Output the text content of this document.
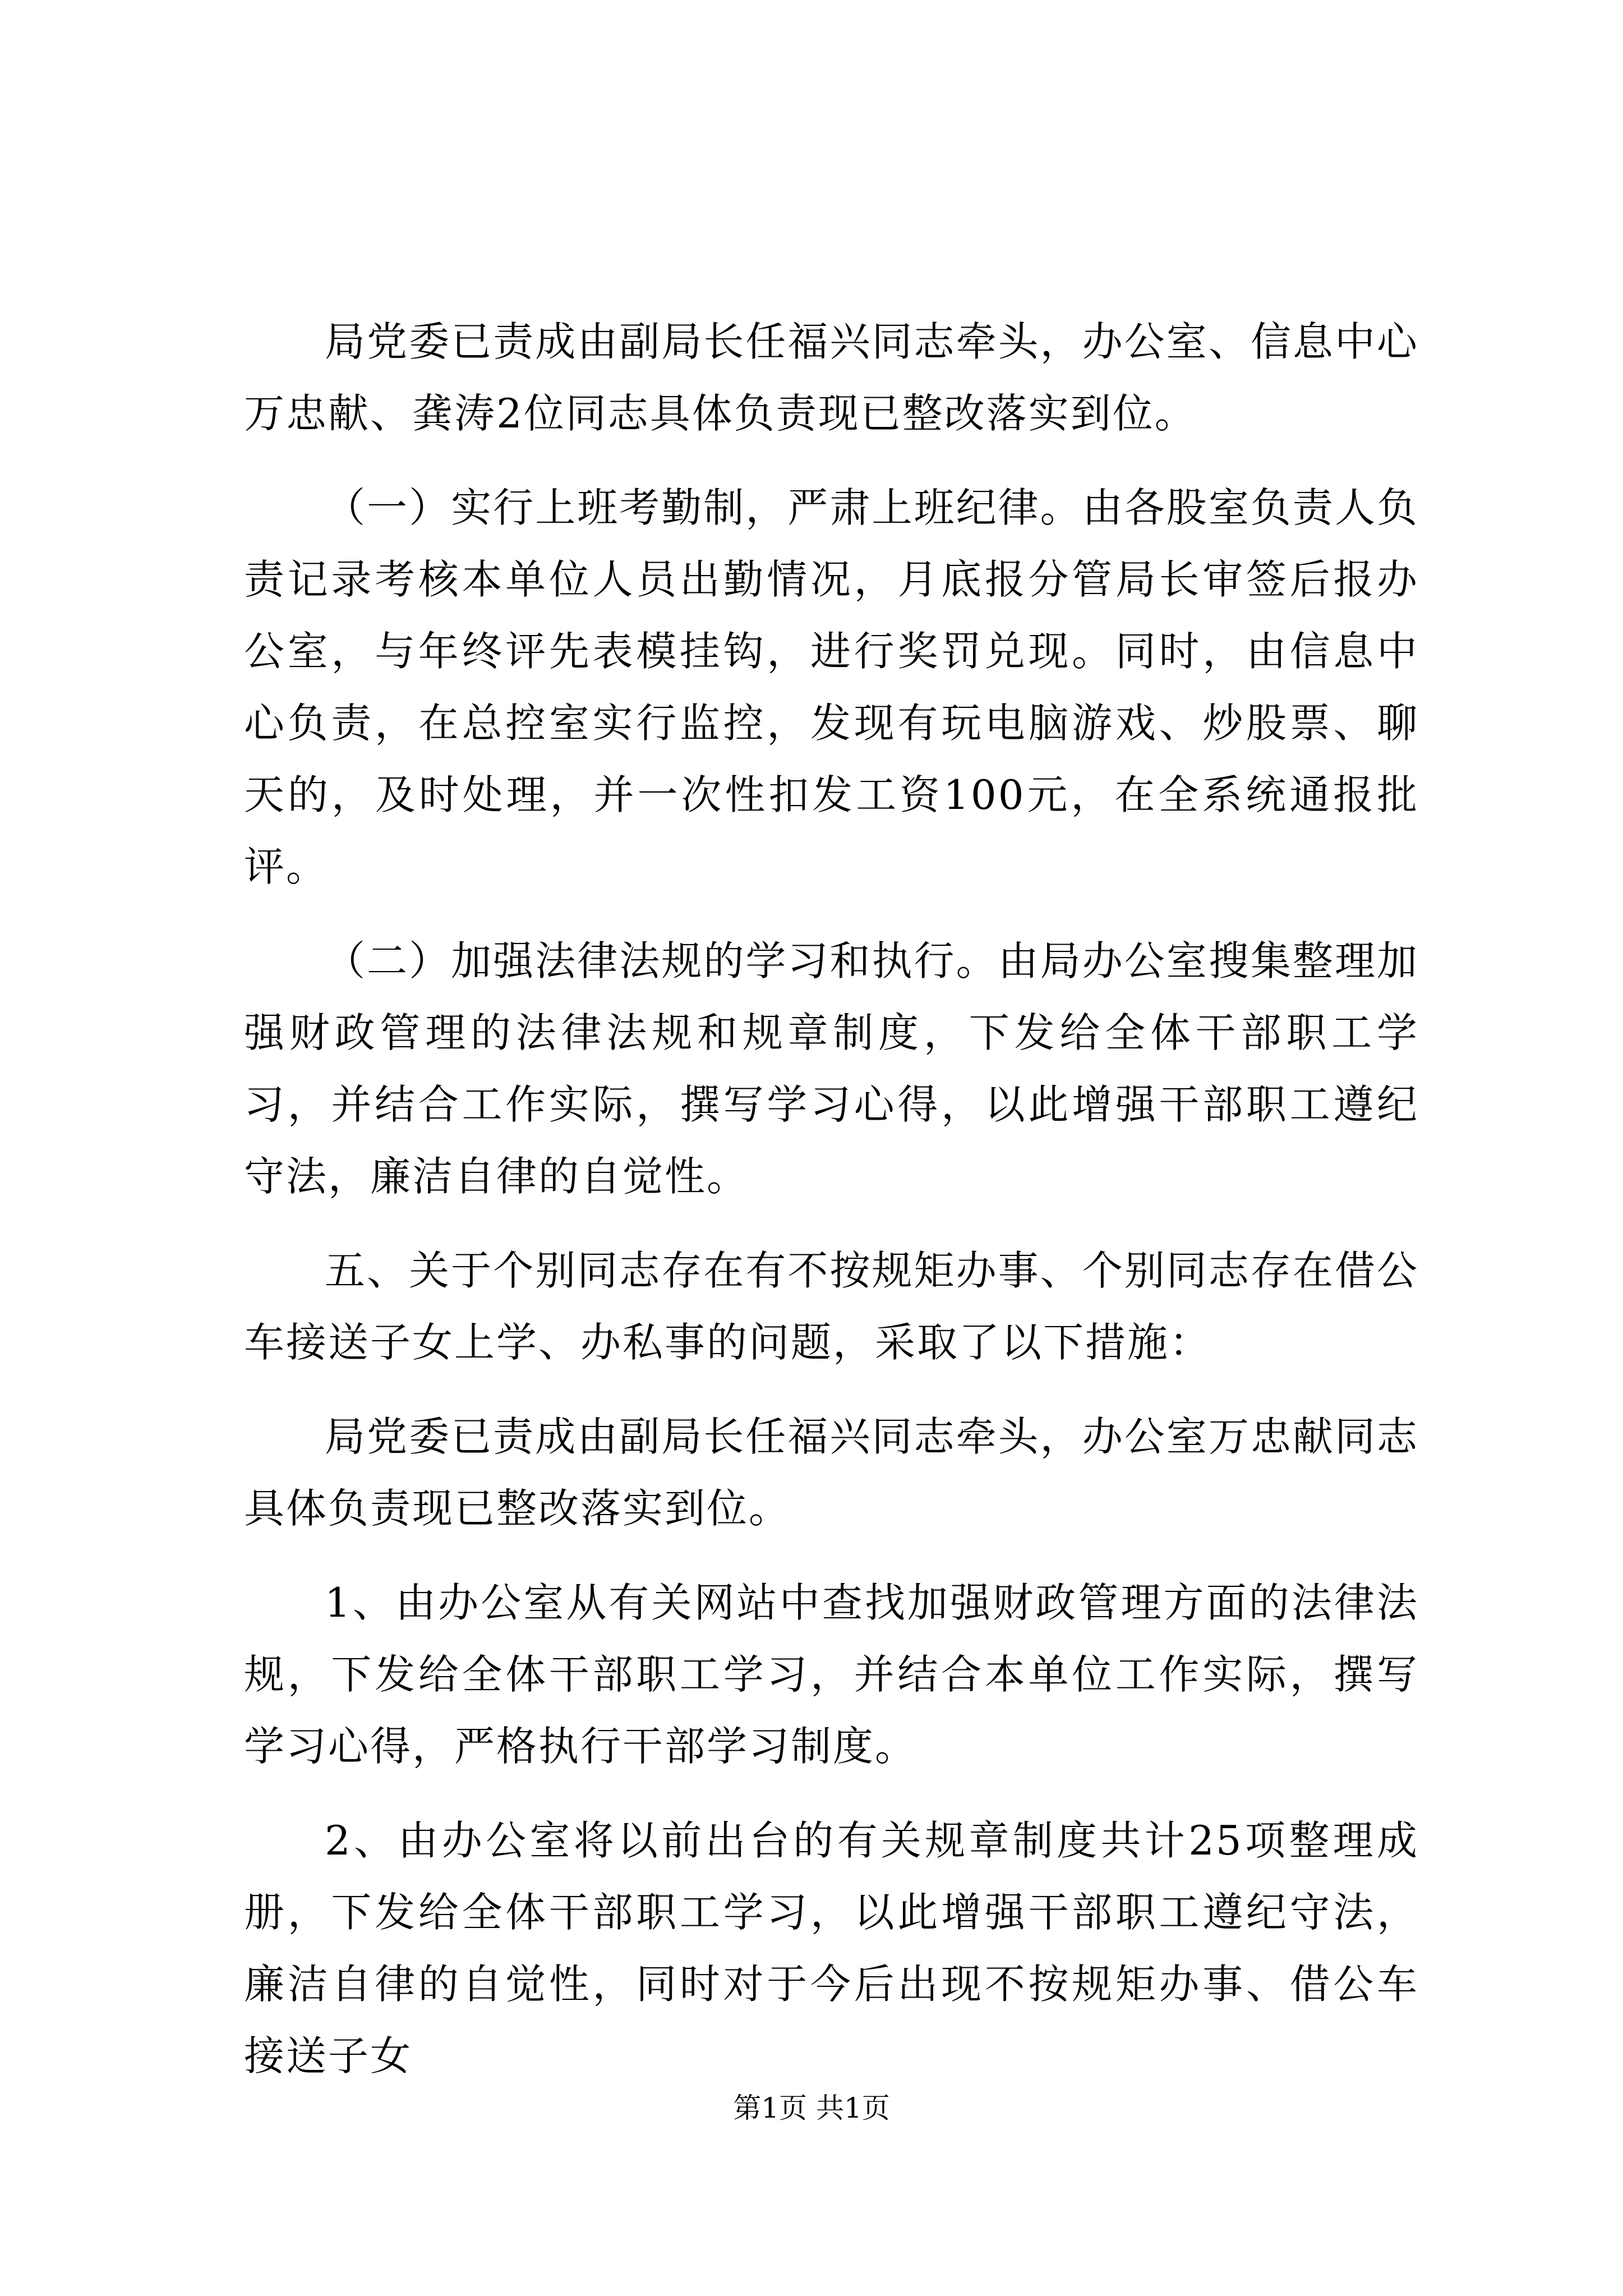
局党委已责成由副局长任福兴同志牵头，办公室、信息中心万忠献、龚涛2位同志具体负责现已整改落实到位。

（一）实行上班考勤制，严肃上班纪律。由各股室负责人负责记录考核本单位人员出勤情况，月底报分管局长审签后报办公室，与年终评先表模挂钩，进行奖罚兑现。同时，由信息中心负责，在总控室实行监控，发现有玩电脑游戏、炒股票、聊天的，及时处理，并一次性扣发工资100元，在全系统通报批评。

（二）加强法律法规的学习和执行。由局办公室搜集整理加强财政管理的法律法规和规章制度，下发给全体干部职工学习，并结合工作实际，撰写学习心得，以此增强干部职工遵纪守法，廉洁自律的自觉性。

五、关于个别同志存在有不按规矩办事、个别同志存在借公车接送子女上学、办私事的问题，采取了以下措施：

局党委已责成由副局长任福兴同志牵头，办公室万忠献同志具体负责现已整改落实到位。

1、由办公室从有关网站中查找加强财政管理方面的法律法规，下发给全体干部职工学习，并结合本单位工作实际，撰写学习心得，严格执行干部学习制度。

2、由办公室将以前出台的有关规章制度共计25项整理成册，下发给全体干部职工学习，以此增强干部职工遵纪守法，廉洁自律的自觉性，同时对于今后出现不按规矩办事、借公车接送子女

第1页 共1页
